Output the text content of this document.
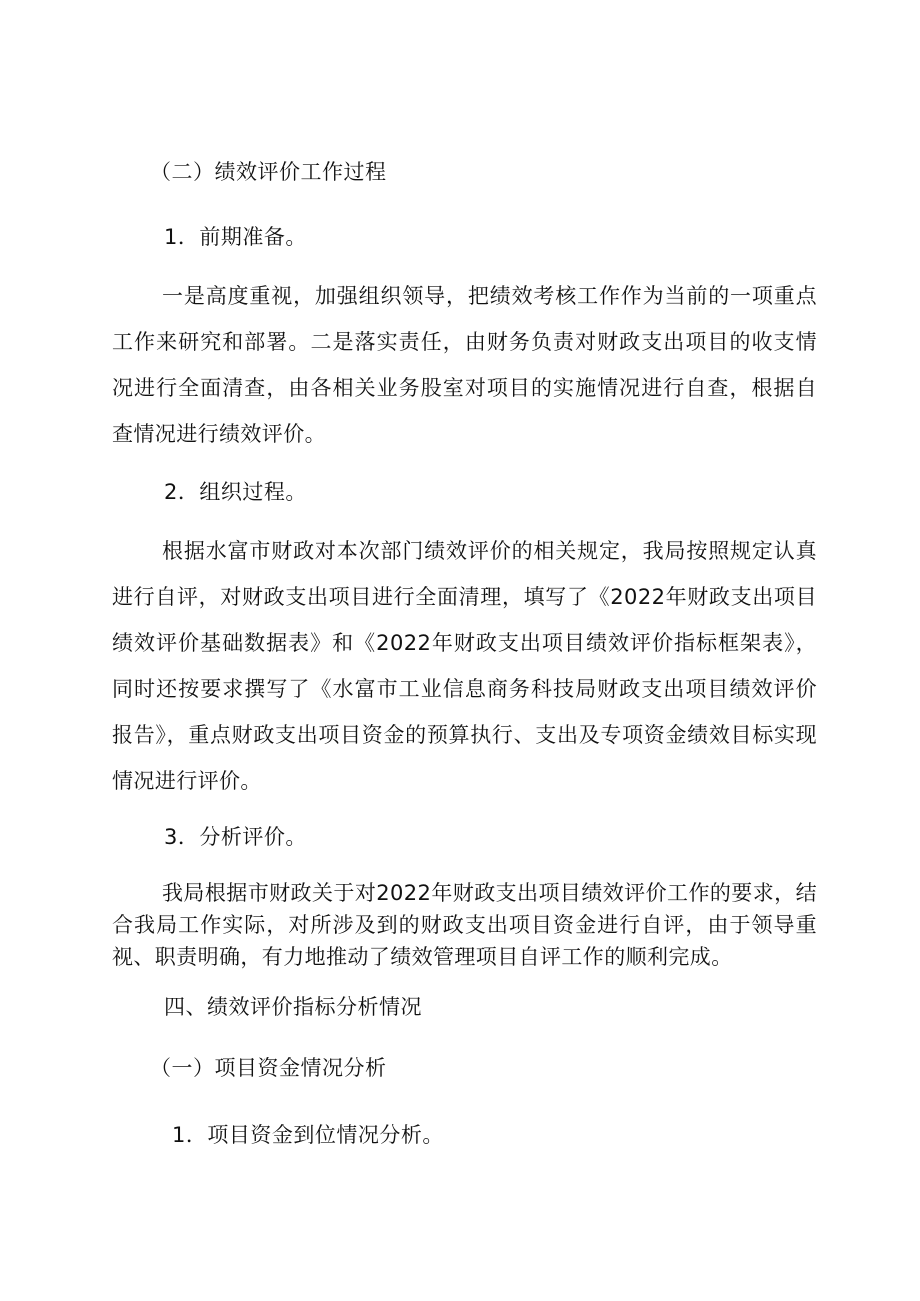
（二）绩效评价工作过程
1．前期准备。
一是高度重视，加强组织领导，把绩效考核工作作为当前的一项重点工作来研究和部署。二是落实责任，由财务负责对财政支出项目的收支情况进行全面清查，由各相关业务股室对项目的实施情况进行自查，根据自查情况进行绩效评价。
2．组织过程。
根据水富市财政对本次部门绩效评价的相关规定，我局按照规定认真进行自评，对财政支出项目进行全面清理，填写了《2022年财政支出项目绩效评价基础数据表》和《2022年财政支出项目绩效评价指标框架表》，同时还按要求撰写了《水富市工业信息商务科技局财政支出项目绩效评价报告》，重点财政支出项目资金的预算执行、支出及专项资金绩效目标实现情况进行评价。
3．分析评价。
我局根据市财政关于对2022年财政支出项目绩效评价工作的要求，结合我局工作实际，对所涉及到的财政支出项目资金进行自评，由于领导重视、职责明确，有力地推动了绩效管理项目自评工作的顺利完成。
四、绩效评价指标分析情况
（一）项目资金情况分析
1．项目资金到位情况分析。
